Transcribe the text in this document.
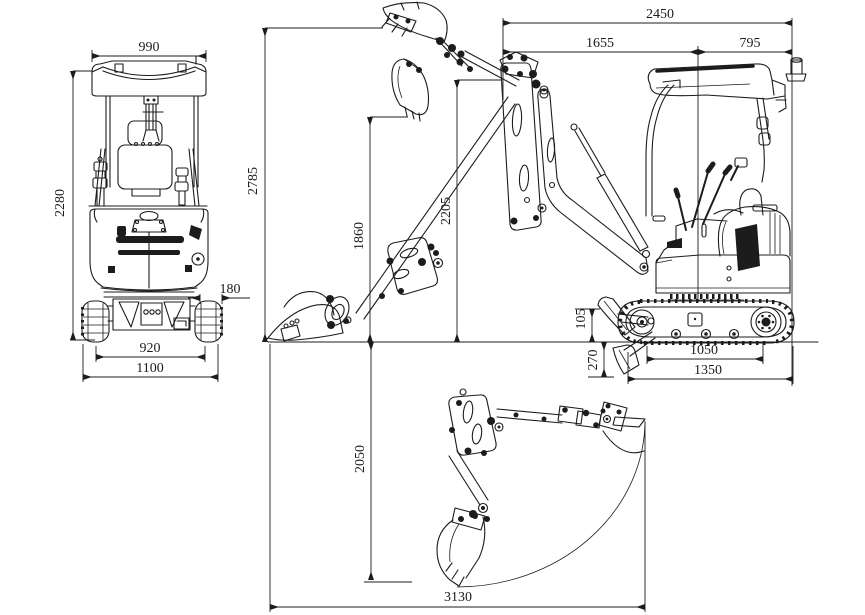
990
2280
180
920
1100
2450
1655	795
2785
1860
2205
105
270	1050
1350
2050
3130
